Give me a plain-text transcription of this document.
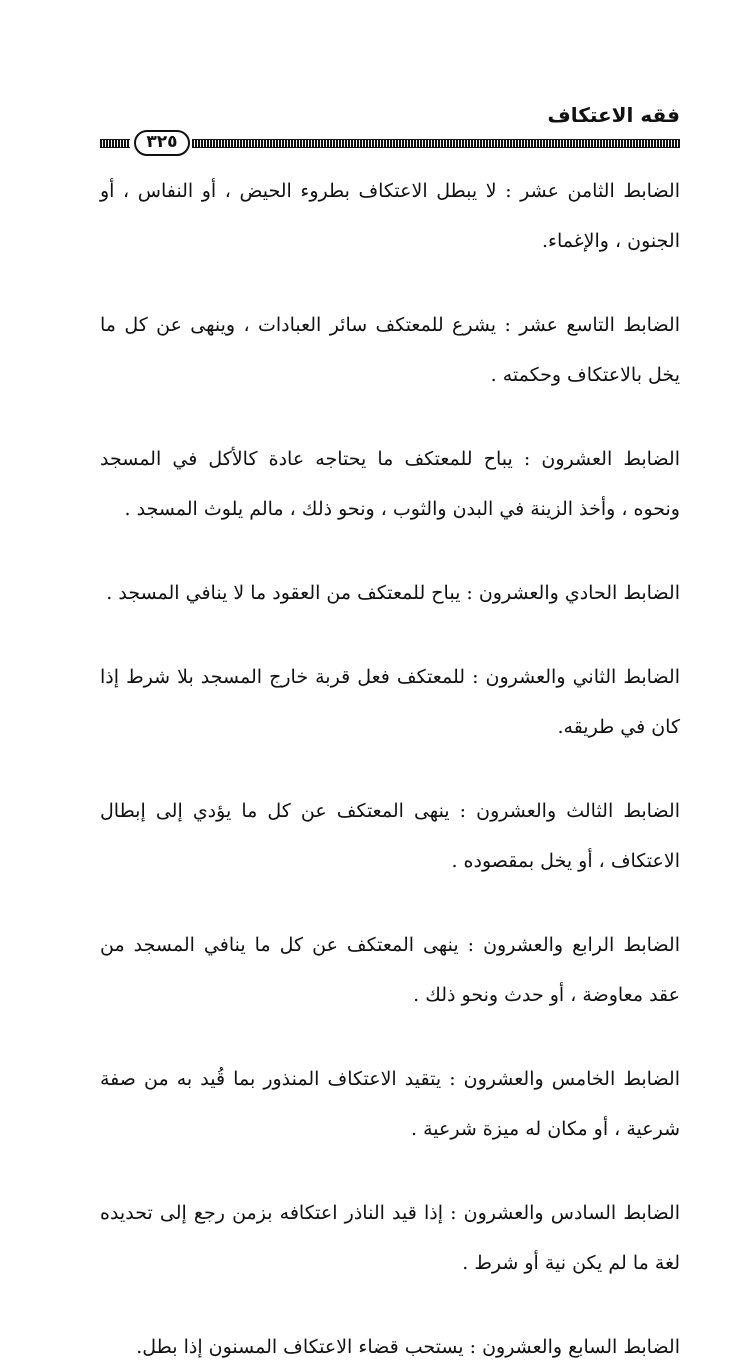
فقه الاعتكاف
٣٢٥

الضابط الثامن عشر : لا يبطل الاعتكاف بطروء الحيض ، أو النفاس ، أو الجنون ، والإغماء.

الضابط التاسع عشر : يشرع للمعتكف سائر العبادات ، وينهى عن كل ما يخل بالاعتكاف وحكمته .

الضابط العشرون : يباح للمعتكف ما يحتاجه عادة كالأكل في المسجد ونحوه ، وأخذ الزينة في البدن والثوب ، ونحو ذلك ، مالم يلوث المسجد .

الضابط الحادي والعشرون : يباح للمعتكف من العقود ما لا ينافي المسجد .

الضابط الثاني والعشرون : للمعتكف فعل قربة خارج المسجد بلا شرط إذا كان في طريقه.

الضابط الثالث والعشرون : ينهى المعتكف عن كل ما يؤدي إلى إبطال الاعتكاف ، أو يخل بمقصوده .

الضابط الرابع والعشرون : ينهى المعتكف عن كل ما ينافي المسجد من عقد معاوضة ، أو حدث ونحو ذلك .

الضابط الخامس والعشرون : يتقيد الاعتكاف المنذور بما قُيد به من صفة شرعية ، أو مكان له ميزة شرعية .

الضابط السادس والعشرون : إذا قيد الناذر اعتكافه بزمن رجع إلى تحديده لغة ما لم يكن نية أو شرط .

الضابط السابع والعشرون : يستحب قضاء الاعتكاف المسنون إذا بطل.
